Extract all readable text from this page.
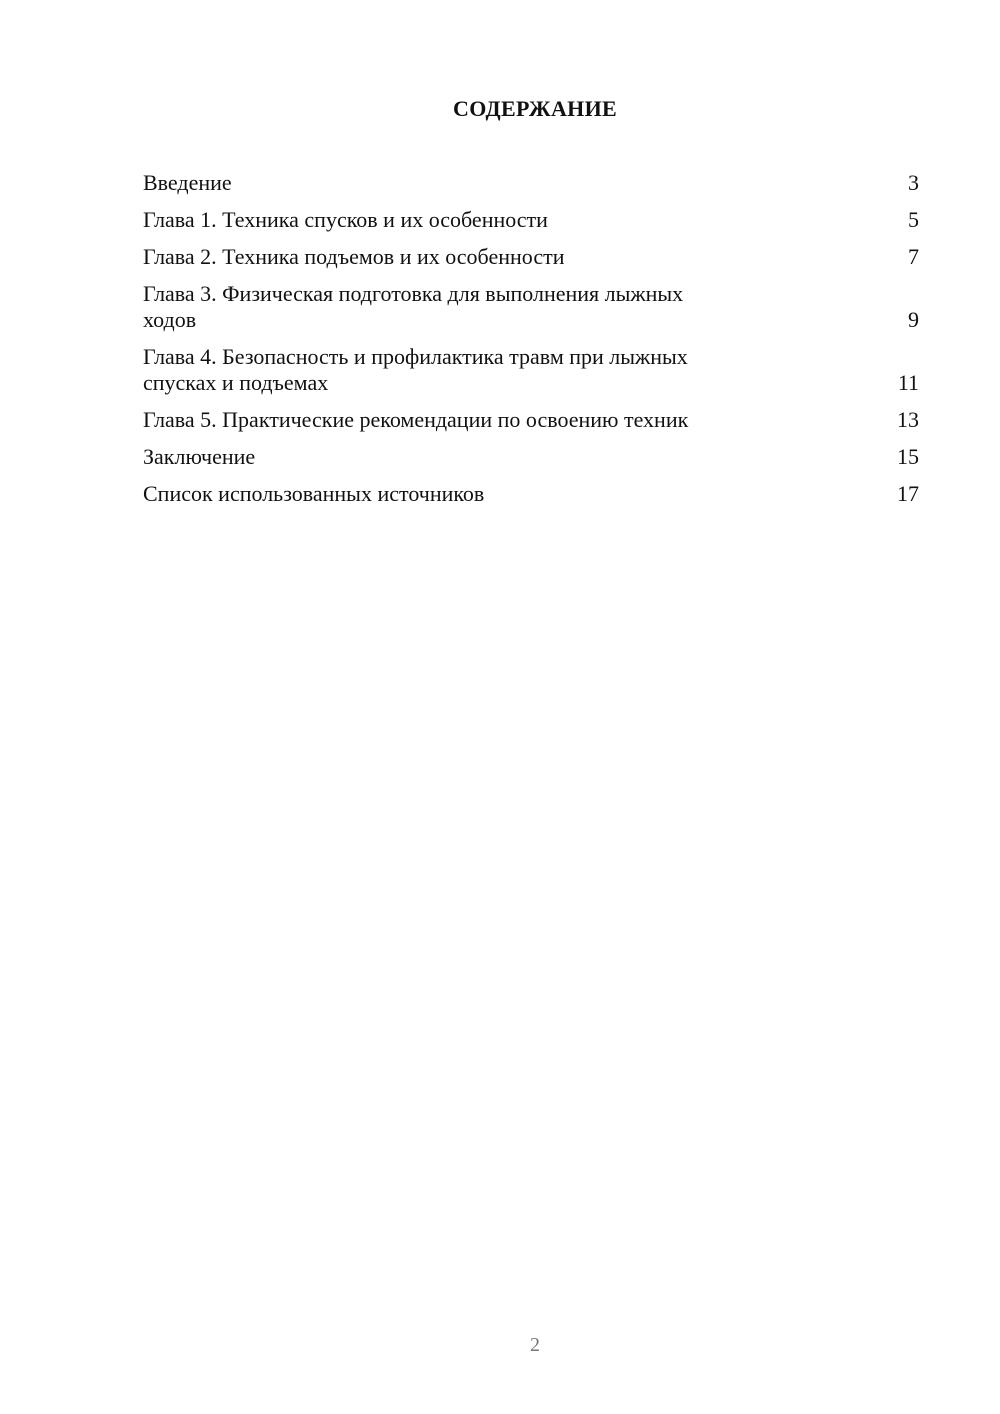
СОДЕРЖАНИЕ
Введение	3
Глава 1. Техника спусков и их особенности	5
Глава 2. Техника подъемов и их особенности	7
Глава 3. Физическая подготовка для выполнения лыжных
ходов	9
Глава 4. Безопасность и профилактика травм при лыжных
спусках и подъемах	11
Глава 5. Практические рекомендации по освоению техник	13
Заключение	15
Список использованных источников	17
2
